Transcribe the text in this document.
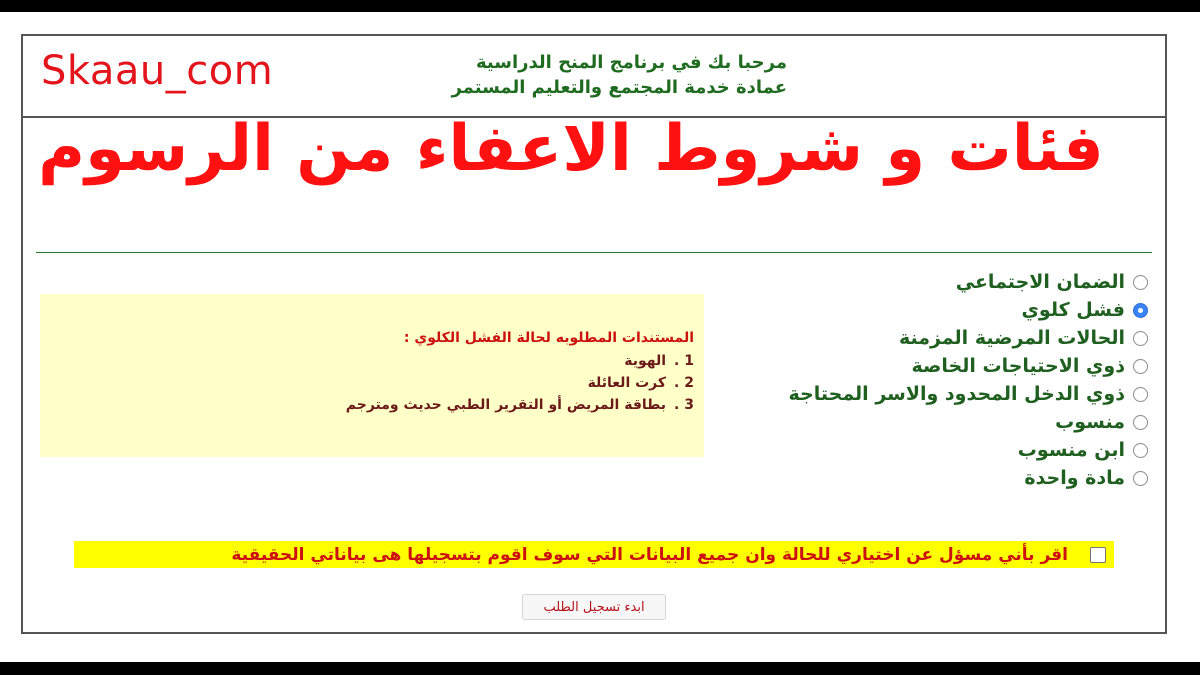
Skaau_com	مرحبا بك في برنامج المنح الدراسية
عمادة خدمة المجتمع والتعليم المستمر
فئات و شروط الاعفاء من الرسوم
المستندات المطلوبه لحالة الفشل الكلوي :
1 .الهوية
2 .كرت العائلة
3 .بطاقة المريض أو التقرير الطبي حديث ومترجم
الضمان الاجتماعي
فشل كلوي
الحالات المرضية المزمنة
ذوي الاحتياجات الخاصة
ذوي الدخل المحدود والاسر المحتاجة
منسوب
ابن منسوب
مادة واحدة
اقر بأني مسؤل عن اختياري للحالة وان جميع البيانات التي سوف اقوم بتسجيلها هى بياناتي الحقيقية
ابدء تسجيل الطلب
